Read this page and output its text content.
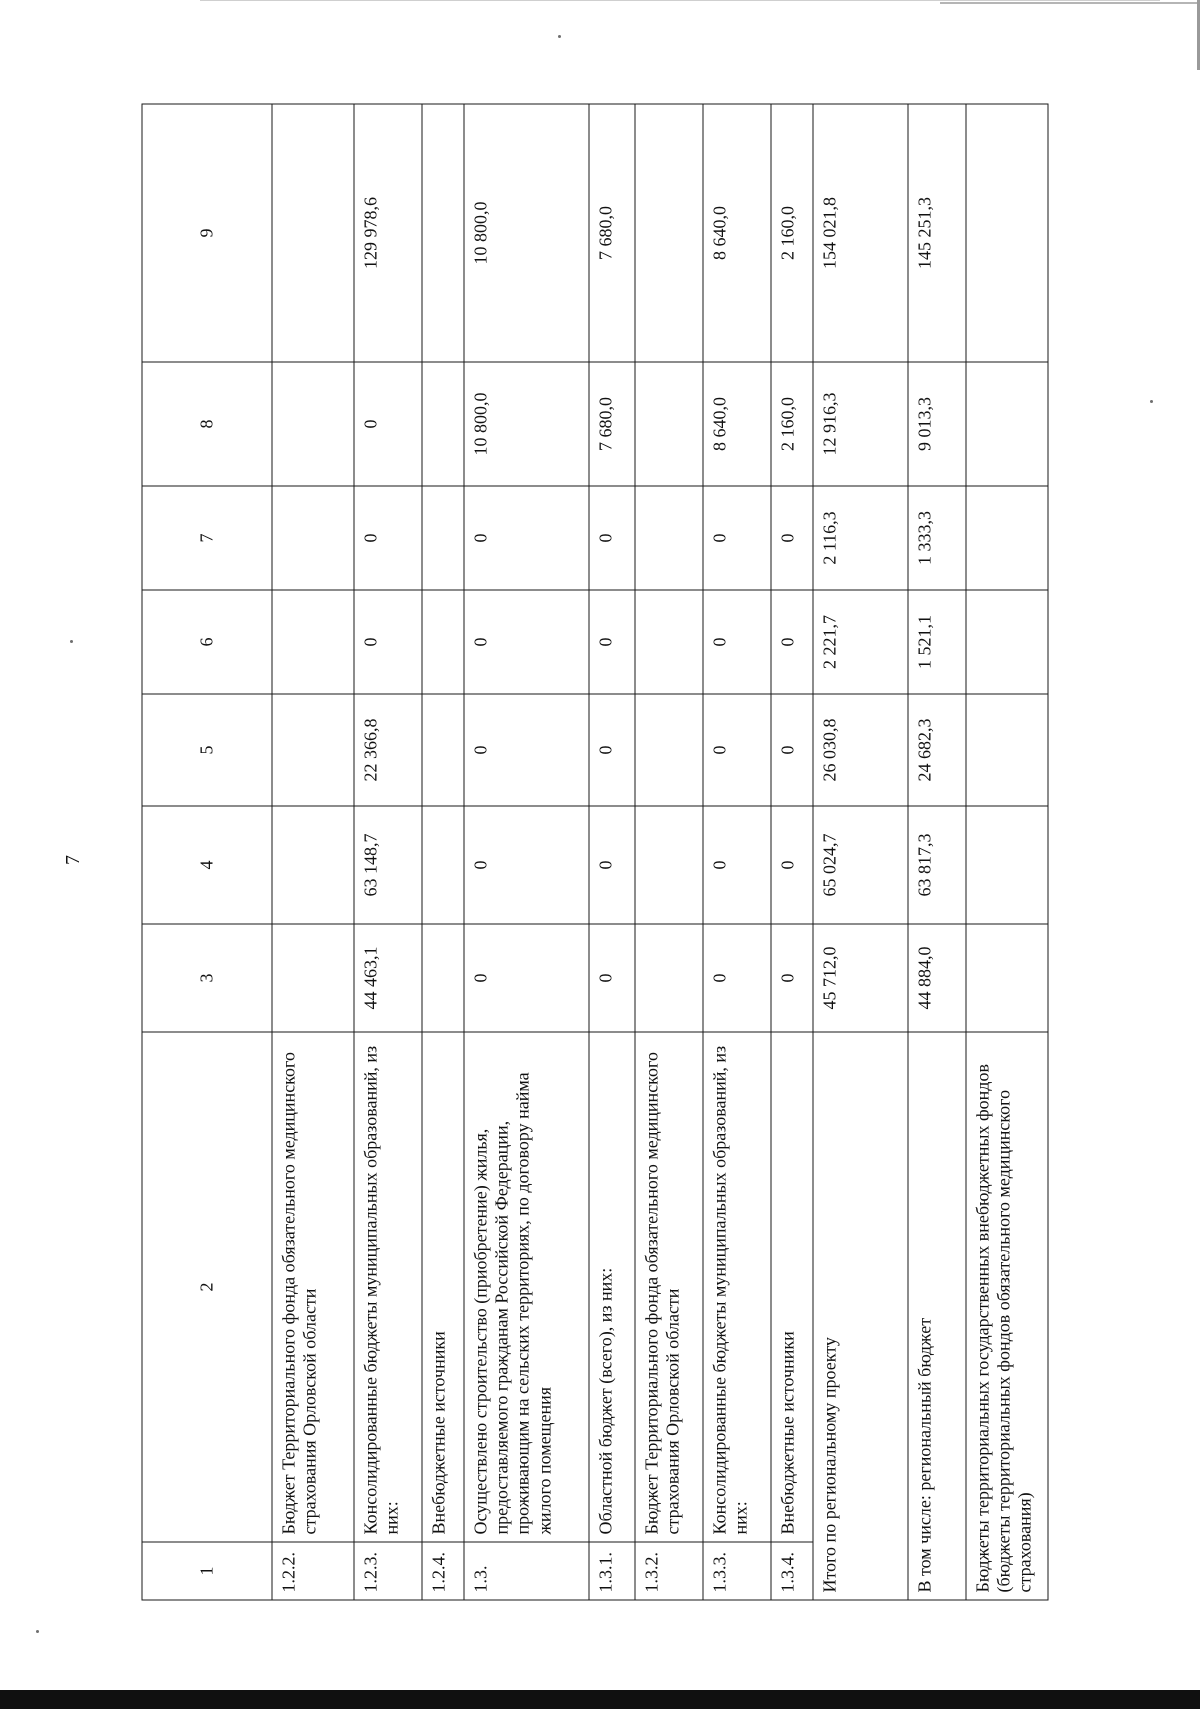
7
1	2	3	4	5	6	7	8	9
1.2.2.	Бюджет Территориального фонда обязательного медицинского страхования Орловской области							
1.2.3.	Консолидированные бюджеты муниципальных образований, из них:	44 463,1	63 148,7	22 366,8	0	0	0	129 978,6
1.2.4.	Внебюджетные источники							
1.3.	Осуществлено строительство (приобретение) жилья, предоставляемого гражданам Российской Федерации, проживающим на сельских территориях, по договору найма жилого помещения	0	0	0	0	0	10 800,0	10 800,0
1.3.1.	Областной бюджет (всего), из них:	0	0	0	0	0	7 680,0	7 680,0
1.3.2.	Бюджет Территориального фонда обязательного медицинского страхования Орловской области							
1.3.3.	Консолидированные бюджеты муниципальных образований, из них:	0	0	0	0	0	8 640,0	8 640,0
1.3.4.	Внебюджетные источники	0	0	0	0	0	2 160,0	2 160,0
Итого по региональному проекту		45 712,0	65 024,7	26 030,8	2 221,7	2 116,3	12 916,3	154 021,8
В том числе: региональный бюджет		44 884,0	63 817,3	24 682,3	1 521,1	1 333,3	9 013,3	145 251,3
Бюджеты территориальных государственных внебюджетных фондов (бюджеты территориальных фондов обязательного медицинского страхования)								
